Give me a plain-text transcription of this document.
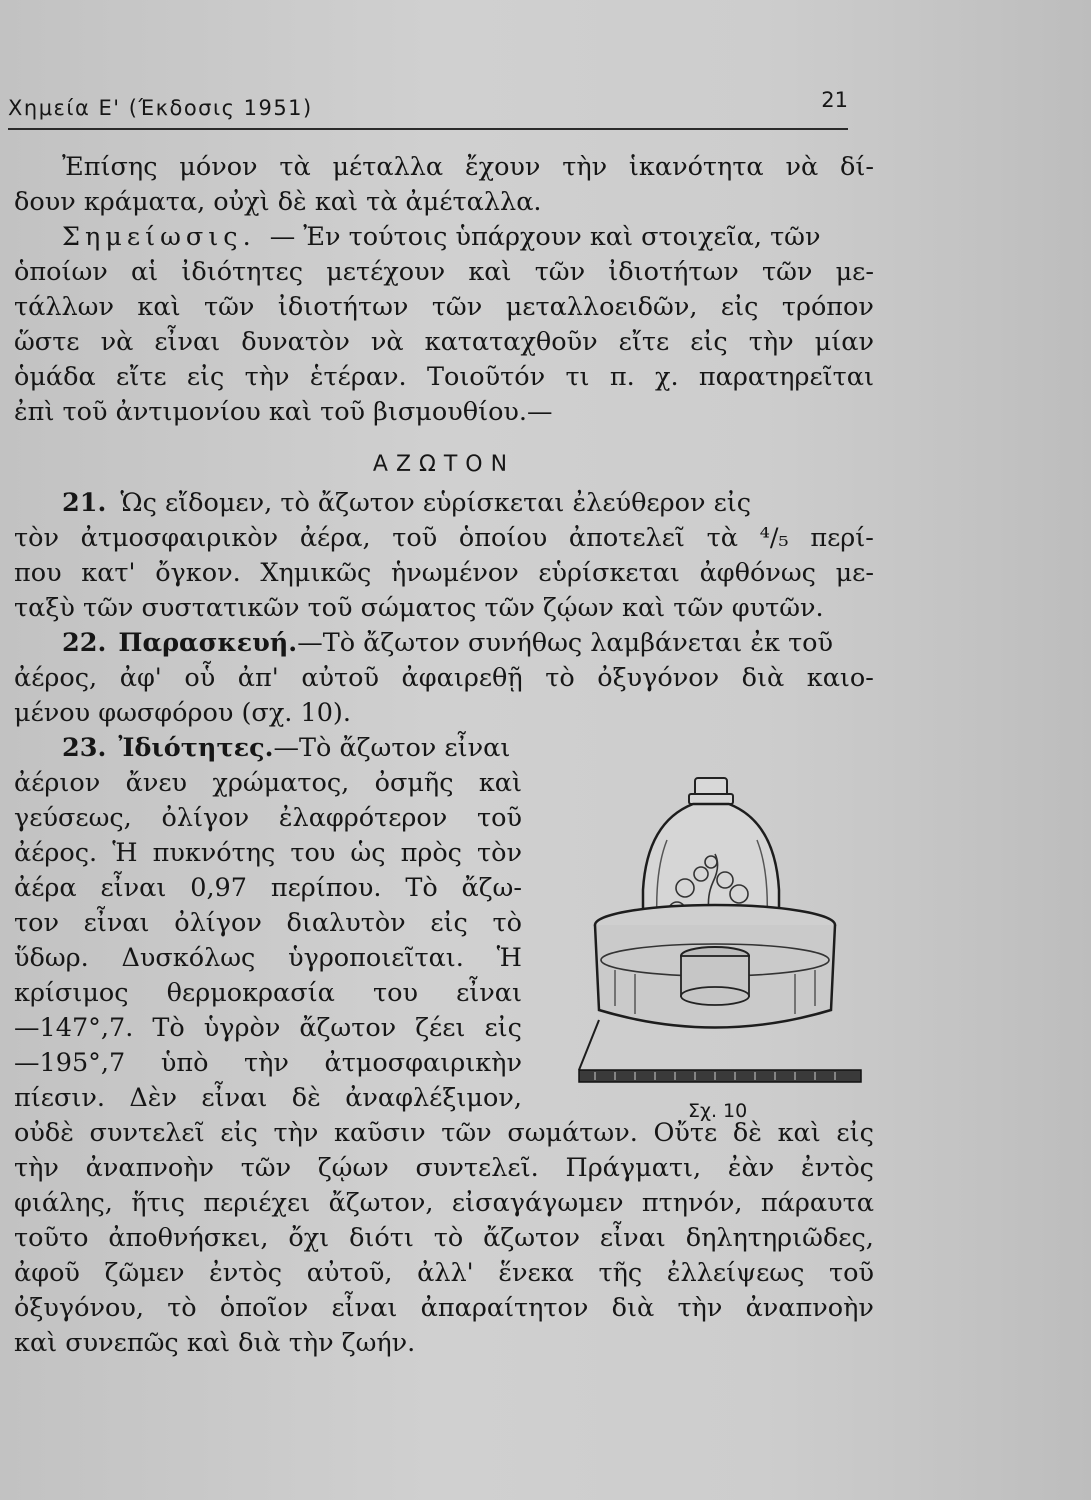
Χημεία Ε' (Έκδοσις 1951)	21
Ἐπίσης μόνον τὰ μέταλλα ἔχουν τὴν ἱκανότητα νὰ δί-
δουν κράματα, οὐχὶ δὲ καὶ τὰ ἀμέταλλα.
Σημείωσις. — Ἐν τούτοις ὑπάρχουν καὶ στοιχεῖα, τῶν
ὁποίων αἱ ἰδιότητες μετέχουν καὶ τῶν ἰδιοτήτων τῶν με-
τάλλων καὶ τῶν ἰδιοτήτων τῶν μεταλλοειδῶν, εἰς τρόπον
ὥστε νὰ εἶναι δυνατὸν νὰ καταταχθοῦν εἴτε εἰς τὴν μίαν
ὁμάδα εἴτε εἰς τὴν ἑτέραν. Τοιοῦτόν τι π. χ. παρατηρεῖται
ἐπὶ τοῦ ἀντιμονίου καὶ τοῦ βισμουθίου.—
ΑΖΩΤΟΝ
21. Ὡς εἴδομεν, τὸ ἄζωτον εὑρίσκεται ἐλεύθερον εἰς
τὸν ἀτμοσφαιρικὸν ἀέρα, τοῦ ὁποίου ἀποτελεῖ τὰ ⁴/₅ περί-
που κατ' ὄγκον. Χημικῶς ἡνωμένον εὑρίσκεται ἀφθόνως με-
ταξὺ τῶν συστατικῶν τοῦ σώματος τῶν ζῴων καὶ τῶν φυτῶν.
22. Παρασκευή. —Τὸ ἄζωτον συνήθως λαμβάνεται ἐκ τοῦ
ἀέρος, ἀφ' οὗ ἀπ' αὐτοῦ ἀφαιρεθῇ τὸ ὀξυγόνον διὰ καιο-
μένου φωσφόρου (σχ. 10).
23. Ἰδιότητες. —Τὸ ἄζωτον εἶναι
ἀέριον ἄνευ χρώματος, ὀσμῆς καὶ
γεύσεως, ὀλίγον ἐλαφρότερον τοῦ
ἀέρος. Ἡ πυκνότης του ὡς πρὸς τὸν
ἀέρα εἶναι 0,97 περίπου. Τὸ ἄζω-
τον εἶναι ὀλίγον διαλυτὸν εἰς τὸ
ὕδωρ. Δυσκόλως ὑγροποιεῖται. Ἡ
κρίσιμος θερμοκρασία του εἶναι
—147°,7. Τὸ ὑγρὸν ἄζωτον ζέει εἰς
—195°,7 ὑπὸ τὴν ἀτμοσφαιρικὴν
πίεσιν. Δὲν εἶναι δὲ ἀναφλέξιμον,
οὐδὲ συντελεῖ εἰς τὴν καῦσιν τῶν σωμάτων. Οὔτε δὲ καὶ εἰς
τὴν ἀναπνοὴν τῶν ζῴων συντελεῖ. Πράγματι, ἐὰν ἐντὸς
φιάλης, ἥτις περιέχει ἄζωτον, εἰσαγάγωμεν πτηνόν, πάραυτα
τοῦτο ἀποθνήσκει, ὄχι διότι τὸ ἄζωτον εἶναι δηλητηριῶδες,
ἀφοῦ ζῶμεν ἐντὸς αὐτοῦ, ἀλλ' ἕνεκα τῆς ἐλλείψεως τοῦ
ὀξυγόνου, τὸ ὁποῖον εἶναι ἀπαραίτητον διὰ τὴν ἀναπνοὴν
καὶ συνεπῶς καὶ διὰ τὴν ζωήν.
Σχ. 10
